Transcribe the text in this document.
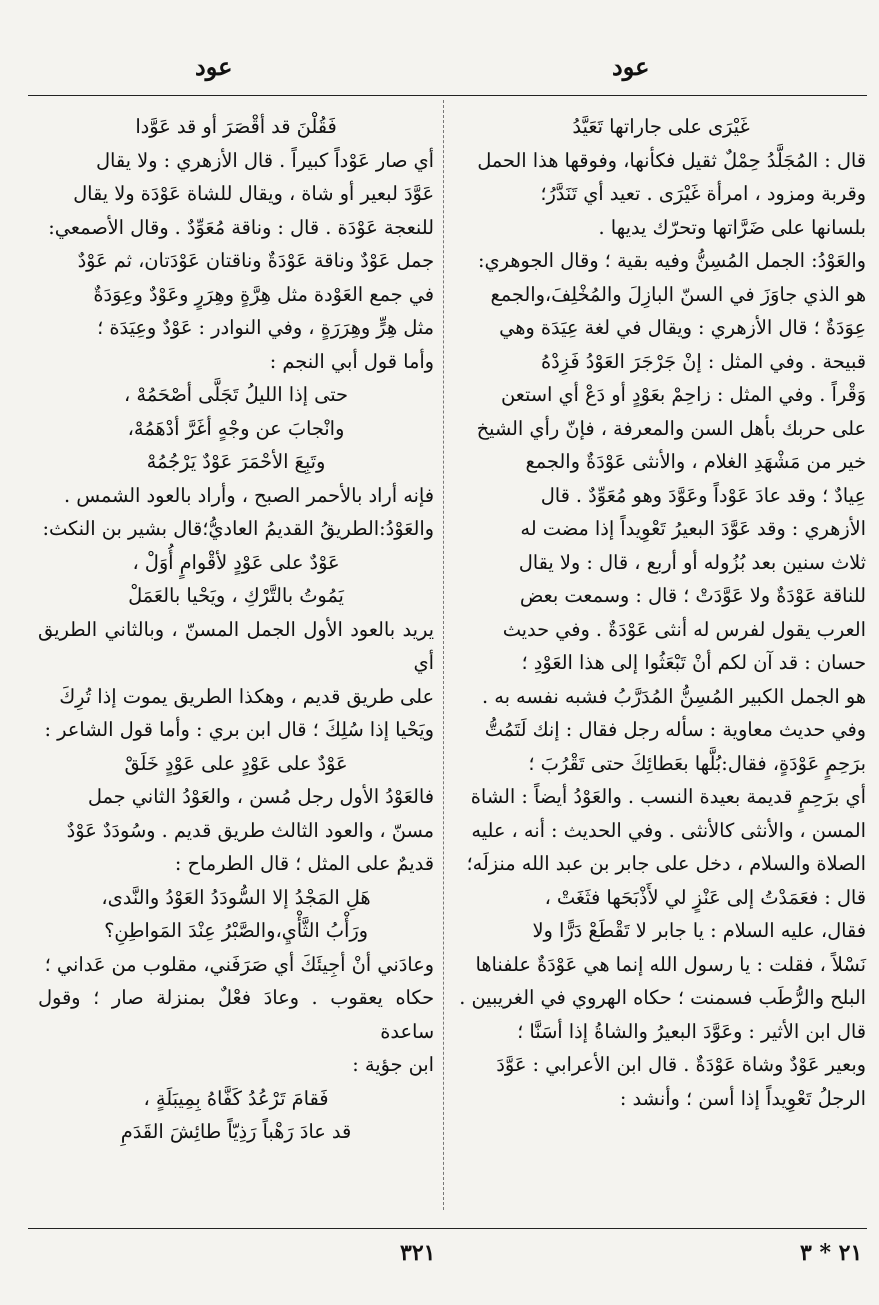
عود
عود

غَيْرَى على جاراتها تَعَيَّدُ

قال : المُجَلَّدُ حِمْلٌ ثقيل فكأنها، وفوقها هذا الحمل

وقربة ومزود ، امرأة غَيْرَى . تعيد أي تَنَدَّرُ؛

بلسانها على ضَرَّاتها وتحرّك يديها .

والعَوْدُ: الجمل المُسِنُّ وفيه بقية ؛ وقال الجوهري:

هو الذي جاوَزَ في السنّ البازِلَ والمُخْلِفَ،والجمع

عِوَدَةٌ ؛ قال الأزهري : ويقال في لغة عِيَدَة وهي

قبيحة . وفي المثل : إنْ جَرْجَرَ العَوْدُ فَزِدْهُ

وَقْراً . وفي المثل : زاحِمْ بعَوْدٍ أو دَعْ أي استعن

على حربك بأهل السن والمعرفة ، فإنّ رأي الشيخ

خير من مَشْهَدِ الغلام ، والأنثى عَوْدَةٌ والجمع

عِيادٌ ؛ وقد عادَ عَوْداً وعَوَّدَ وهو مُعَوِّدٌ . قال

الأزهري : وقد عَوَّدَ البعيرُ تَعْوِيداً إذا مضت له

ثلاث سنين بعد بُزُوله أو أربع ، قال : ولا يقال

للناقة عَوْدَةٌ ولا عَوَّدَتْ ؛ قال : وسمعت بعض

العرب يقول لفرس له أنثى عَوْدَةٌ . وفي حديث

حسان : قد آن لكم أنْ تَبْعَثُوا إلى هذا العَوْدِ ؛

هو الجمل الكبير المُسِنُّ المُدَرَّبُ فشبه نفسه به .

وفي حديث معاوية : سأله رجل فقال : إنك لَتَمُتُّ

برَحِمٍ عَوْدَةٍ، فقال:بُلَّها بعَطائِكَ حتى تَقْرُبَ ؛

أي برَحِمٍ قديمة بعيدة النسب . والعَوْدُ أيضاً : الشاة

المسن ، والأنثى كالأنثى . وفي الحديث : أنه ، عليه

الصلاة والسلام ، دخل على جابر بن عبد الله منزلَه؛

قال : فعَمَدْتُ إلى عَنْزٍ لي لأَذْبَحَها فثَغَتْ ،

فقال، عليه السلام : يا جابر لا تَقْطَعْ دَرًّا ولا

نَسْلاً ، فقلت : يا رسول الله إنما هي عَوْدَةٌ علفناها

البلح والرُّطَب فسمنت ؛ حكاه الهروي في الغريبين .

قال ابن الأثير : وعَوَّدَ البعيرُ والشاةُ إذا أسَنَّا ؛

وبعير عَوْدٌ وشاة عَوْدَةٌ . قال ابن الأعرابي : عَوَّدَ

الرجلُ تَعْوِيداً إذا أسن ؛ وأنشد :

فَقُلْنَ قد أقْصَرَ أو قد عَوَّدا

أي صار عَوْداً كبيراً . قال الأزهري : ولا يقال

عَوَّدَ لبعير أو شاة ، ويقال للشاة عَوْدَة ولا يقال

للنعجة عَوْدَة . قال : وناقة مُعَوِّدٌ . وقال الأصمعي:

جمل عَوْدٌ وناقة عَوْدَةٌ وناقتان عَوْدَتان، ثم عَوْدٌ

في جمع العَوْدة مثل هِرَّةٍ وهِرَرٍ وعَوْدٌ وعِوَدَةٌ

مثل هِرٍّ وهِرَرَةٍ ، وفي النوادر : عَوْدٌ وعِيَدَة ؛

وأما قول أبي النجم :

حتى إذا الليلُ تَجَلَّى أصْحَمُهْ ،

وانْجابَ عن وجْهٍ أغَرَّ أدْهَمُهْ،

وتَبِعَ الأحْمَرَ عَوْدٌ يَرْجُمُهْ

فإنه أراد بالأحمر الصبح ، وأراد بالعود الشمس .

والعَوْدُ:الطريقُ القديمُ العاديُّ؛قال بشير بن النكث:

عَوْدٌ على عَوْدٍ لأقْوامٍ أُوَلْ ،

يَمُوتُ بالتَّرْكِ ، ويَحْيا بالعَمَلْ

يريد بالعود الأول الجمل المسنّ ، وبالثاني الطريق أي

على طريق قديم ، وهكذا الطريق يموت إذا تُرِكَ

ويَحْيا إذا سُلِكَ ؛ قال ابن بري : وأما قول الشاعر :

عَوْدٌ على عَوْدٍ على عَوْدٍ خَلَقْ

فالعَوْدُ الأول رجل مُسن ، والعَوْدُ الثاني جمل

مسنّ ، والعود الثالث طريق قديم . وسُودَدٌ عَوْدٌ

قديمٌ على المثل ؛ قال الطرماح :

هَلِ المَجْدُ إلا السُّودَدُ العَوْدُ والنَّدى،

ورَأْبُ الثَّأْيِ،والصَّبْرُ عِنْدَ المَواطِنِ؟

وعادَني أنْ أجِيئَكَ أي صَرَفَني، مقلوب من عَداني ؛

حكاه يعقوب . وعادَ فعْلٌ بمنزلة صار ؛ وقول ساعدة

ابن جؤية :

فَقامَ تَرْعُدُ كَفَّاهُ بِمِيبَلَةٍ ،

قد عادَ رَهْباً رَذِيّاً طائِشَ القَدَمِ

٣٢١	٢١ * ٣
